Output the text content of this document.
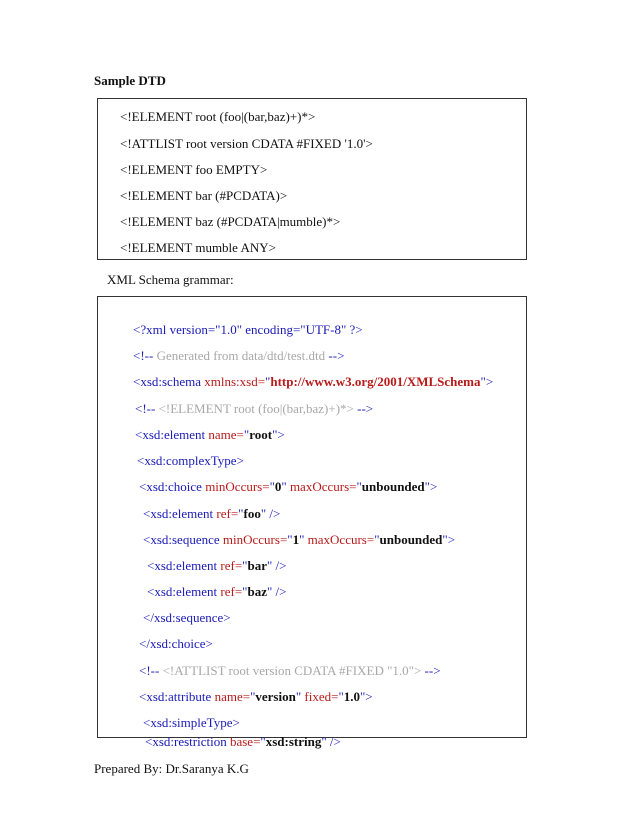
Sample DTD
<!ELEMENT root (foo|(bar,baz)+)*>
<!ATTLIST root version CDATA #FIXED '1.0'>
<!ELEMENT foo EMPTY>
<!ELEMENT bar (#PCDATA)>
<!ELEMENT baz (#PCDATA|mumble)*>
<!ELEMENT mumble ANY>
XML Schema grammar:

<?xml version="1.0" encoding="UTF-8" ?>

<!-- Generated from data/dtd/test.dtd -->

<xsd:schema xmlns:xsd="http://www.w3.org/2001/XMLSchema">

<!-- <!ELEMENT root (foo|(bar,baz)+)*> -->

<xsd:element name="root">

<xsd:complexType>

<xsd:choice minOccurs="0" maxOccurs="unbounded">

<xsd:element ref="foo" />

<xsd:sequence minOccurs="1" maxOccurs="unbounded">

<xsd:element ref="bar" />

<xsd:element ref="baz" />

</xsd:sequence>

</xsd:choice>

<!-- <!ATTLIST root version CDATA #FIXED "1.0"> -->

<xsd:attribute name="version" fixed="1.0">

<xsd:simpleType>

<xsd:restriction base="xsd:string" />

Prepared By: Dr.Saranya K.G
